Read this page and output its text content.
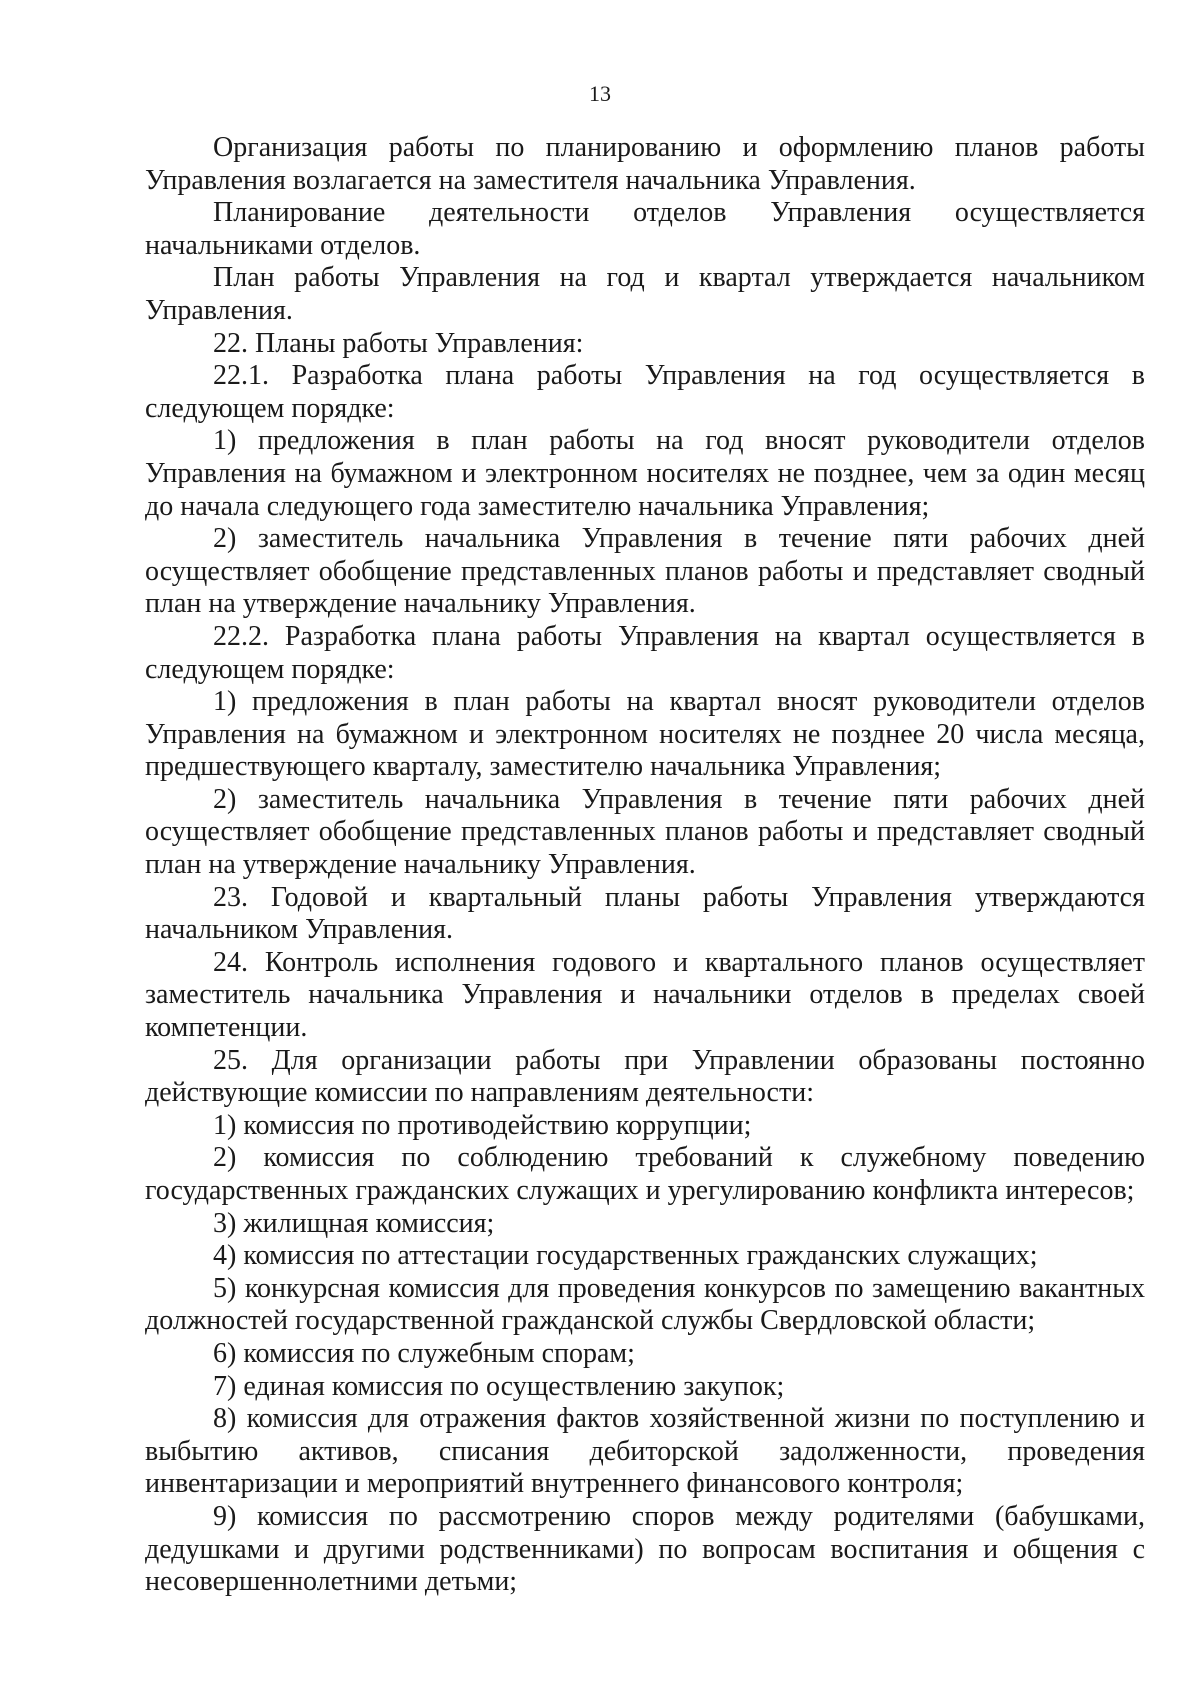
13

Организация работы по планированию и оформлению планов работы Управления возлагается на заместителя начальника Управления.

Планирование деятельности отделов Управления осуществляется начальниками отделов.

План работы Управления на год и квартал утверждается начальником Управления.

22. Планы работы Управления:

22.1. Разработка плана работы Управления на год осуществляется в следующем порядке:

1) предложения в план работы на год вносят руководители отделов Управления на бумажном и электронном носителях не позднее, чем за один месяц до начала следующего года заместителю начальника Управления;

2) заместитель начальника Управления в течение пяти рабочих дней осуществляет обобщение представленных планов работы и представляет сводный план на утверждение начальнику Управления.

22.2. Разработка плана работы Управления на квартал осуществляется в следующем порядке:

1) предложения в план работы на квартал вносят руководители отделов Управления на бумажном и электронном носителях не позднее 20 числа месяца, предшествующего кварталу, заместителю начальника Управления;

2) заместитель начальника Управления в течение пяти рабочих дней осуществляет обобщение представленных планов работы и представляет сводный план на утверждение начальнику Управления.

23. Годовой и квартальный планы работы Управления утверждаются начальником Управления.

24. Контроль исполнения годового и квартального планов осуществляет заместитель начальника Управления и начальники отделов в пределах своей компетенции.

25. Для организации работы при Управлении образованы постоянно действующие комиссии по направлениям деятельности:

1) комиссия по противодействию коррупции;

2) комиссия по соблюдению требований к служебному поведению государственных гражданских служащих и урегулированию конфликта интересов;

3) жилищная комиссия;

4) комиссия по аттестации государственных гражданских служащих;

5) конкурсная комиссия для проведения конкурсов по замещению вакантных должностей государственной гражданской службы Свердловской области;

6) комиссия по служебным спорам;

7) единая комиссия по осуществлению закупок;

8) комиссия для отражения фактов хозяйственной жизни по поступлению и выбытию активов, списания дебиторской задолженности, проведения инвентаризации и мероприятий внутреннего финансового контроля;

9) комиссия по рассмотрению споров между родителями (бабушками, дедушками и другими родственниками) по вопросам воспитания и общения с несовершеннолетними детьми;
